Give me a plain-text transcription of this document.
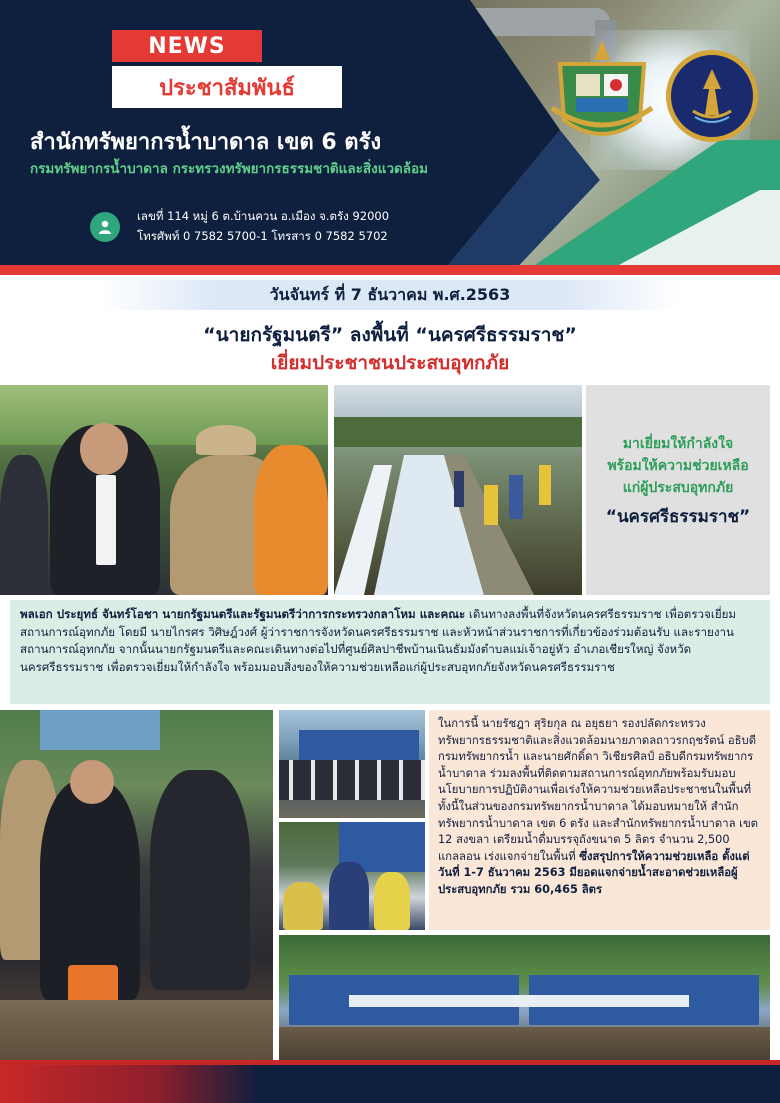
NEWS
ประชาสัมพันธ์
สำนักทรัพยากรน้ำบาดาล เขต 6 ตรัง
กรมทรัพยากรน้ำบาดาล กระทรวงทรัพยากรธรรมชาติและสิ่งแวดล้อม
เลขที่ 114 หมู่ 6 ต.บ้านควน อ.เมือง จ.ตรัง 92000
โทรศัพท์ 0 7582 5700-1 โทรสาร 0 7582 5702
วันจันทร์ ที่ 7 ธันวาคม พ.ศ.2563
“นายกรัฐมนตรี” ลงพื้นที่ “นครศรีธรรมราช”
เยี่ยมประชาชนประสบอุทกภัย
มาเยี่ยมให้กำลังใจ
พร้อมให้ความช่วยเหลือ
แก่ผู้ประสบอุทกภัย
“นครศรีธรรมราช”
พลเอก ประยุทธ์ จันทร์โอชา นายกรัฐมนตรีและรัฐมนตรีว่าการกระทรวงกลาโหม และคณะ เดินทางลงพื้นที่จังหวัดนครศรีธรรมราช เพื่อตรวจเยี่ยมสถานการณ์อุทกภัย โดยมี นายไกรศร วิศิษฎ์วงศ์ ผู้ว่าราชการจังหวัดนครศรีธรรมราช และหัวหน้าส่วนราชการที่เกี่ยวข้องร่วมต้อนรับ และรายงานสถานการณ์อุทกภัย จากนั้นนายกรัฐมนตรีและคณะเดินทางต่อไปที่ศูนย์ศิลปาชีพบ้านเนินธัมมังตำบลแม่เจ้าอยู่หัว อำเภอเชียรใหญ่ จังหวัดนครศรีธรรมราช เพื่อตรวจเยี่ยมให้กำลังใจ พร้อมมอบสิ่งของให้ความช่วยเหลือแก่ผู้ประสบอุทกภัยจังหวัดนครศรีธรรมราช
ในการนี้ นายรัชฎา สุริยกุล ณ อยุธยา รองปลัดกระทรวงทรัพยากรธรรมชาติและสิ่งแวดล้อมนายภาดลถาวรกฤชรัตน์ อธิบดีกรมทรัพยากรน้ำ และนายศักดิ์ดา วิเชียรศิลป์ อธิบดีกรมทรัพยากรน้ำบาดาล ร่วมลงพื้นที่ติดตามสถานการณ์อุทกภัยพร้อมรับมอบนโยบายการปฏิบัติงานเพื่อเร่งให้ความช่วยเหลือประชาชนในพื้นที่ ทั้งนี้ในส่วนของกรมทรัพยากรน้ำบาดาล ได้มอบหมายให้ สำนักทรัพยากรน้ำบาดาล เขต 6 ตรัง และสำนักทรัพยากรน้ำบาดาล เขต 12 สงขลา เตรียมน้ำดื่มบรรจุถังขนาด 5 ลิตร จำนวน 2,500 แกลลอน เร่งแจกจ่ายในพื้นที่ ซึ่งสรุปการให้ความช่วยเหลือ ตั้งแต่วันที่ 1-7 ธันวาคม 2563 มียอดแจกจ่ายน้ำสะอาดช่วยเหลือผู้ประสบอุทกภัย รวม 60,465 ลิตร
